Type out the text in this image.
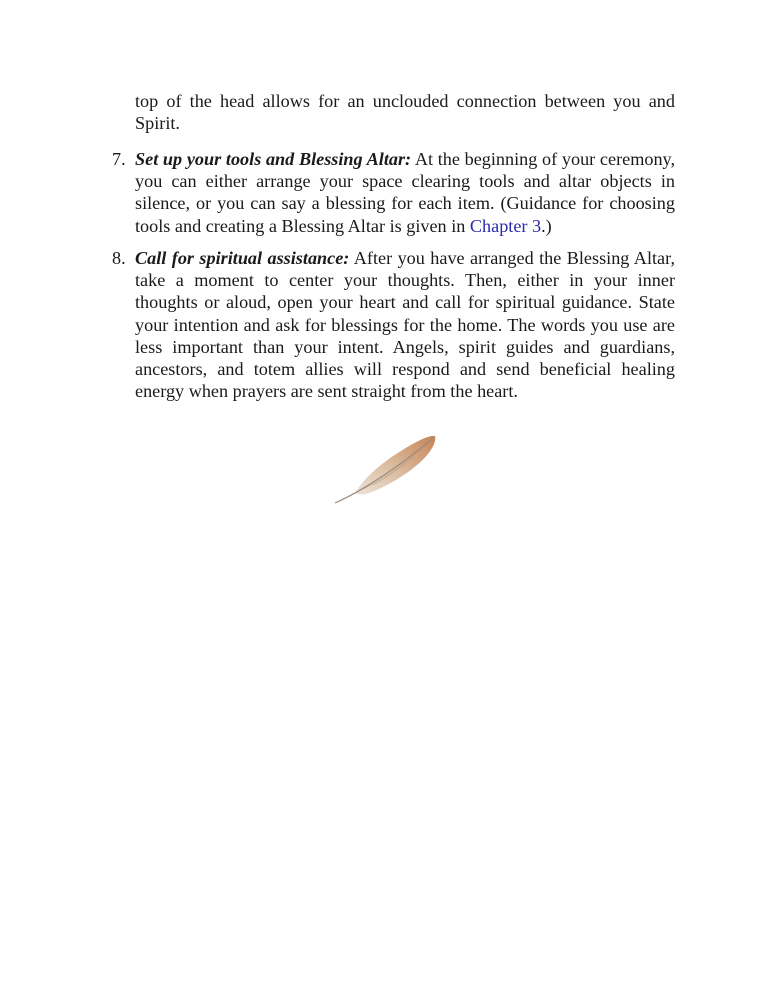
top of the head allows for an unclouded connection between you and Spirit.

7. Set up your tools and Blessing Altar: At the beginning of your ceremony, you can either arrange your space clearing tools and altar objects in silence, or you can say a blessing for each item. (Guidance for choosing tools and creating a Blessing Altar is given in Chapter 3.)
8. Call for spiritual assistance: After you have arranged the Blessing Altar, take a moment to center your thoughts. Then, either in your inner thoughts or aloud, open your heart and call for spiritual guidance. State your intention and ask for blessings for the home. The words you use are less important than your intent. Angels, spirit guides and guardians, ancestors, and totem allies will respond and send beneficial healing energy when prayers are sent straight from the heart.
